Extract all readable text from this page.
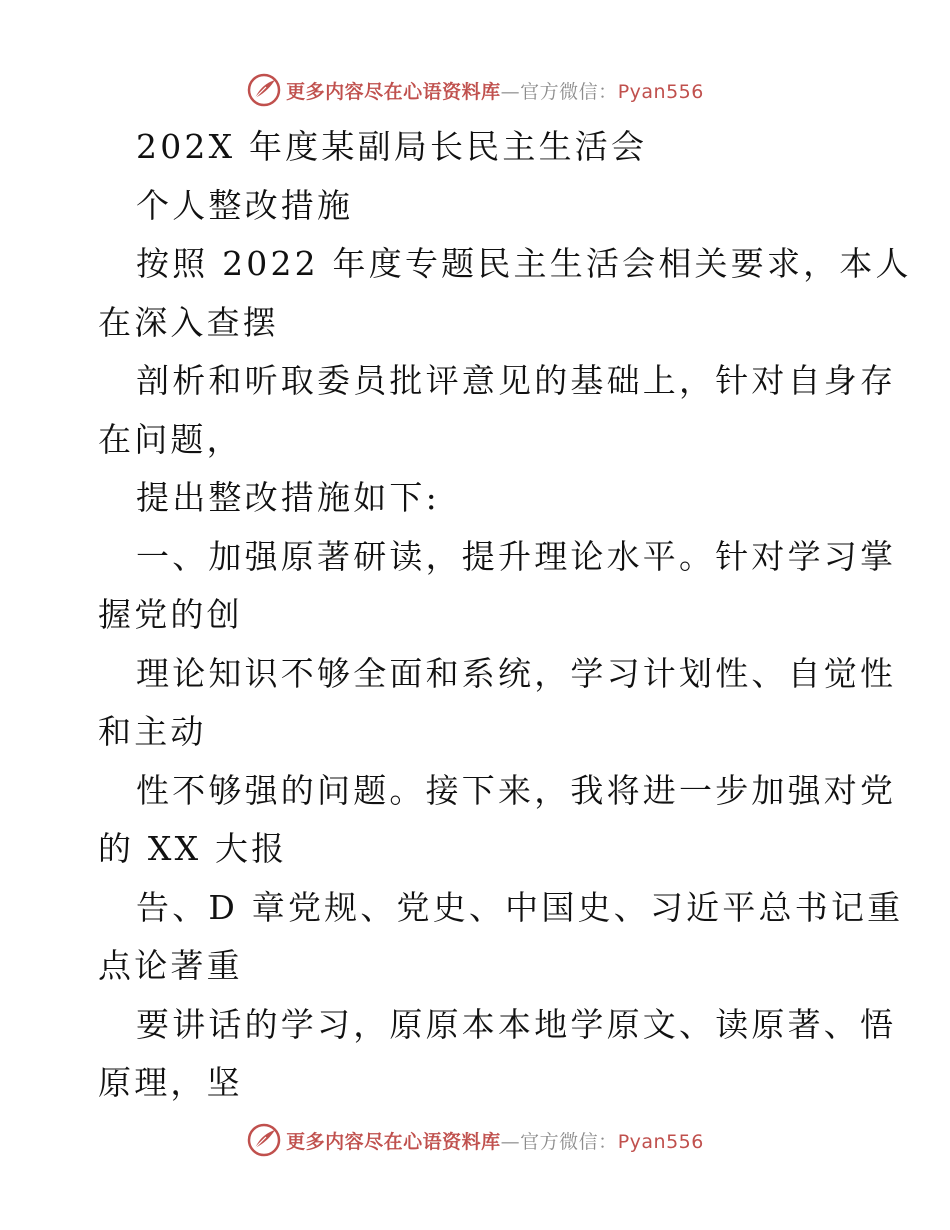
更多内容尽在心语资料库—官方微信：Pyan556
202X 年度某副局长民主生活会
个人整改措施
按照 2022 年度专题民主生活会相关要求，本人
在深入查摆
剖析和听取委员批评意见的基础上，针对自身存
在问题，
提出整改措施如下:
一、加强原著研读，提升理论水平。针对学习掌
握党的创
理论知识不够全面和系统，学习计划性、自觉性
和主动
性不够强的问题。接下来，我将进一步加强对党
的 XX 大报
告、D 章党规、党史、中国史、习近平总书记重
点论著重
要讲话的学习，原原本本地学原文、读原著、悟
原理，坚
更多内容尽在心语资料库—官方微信：Pyan556
